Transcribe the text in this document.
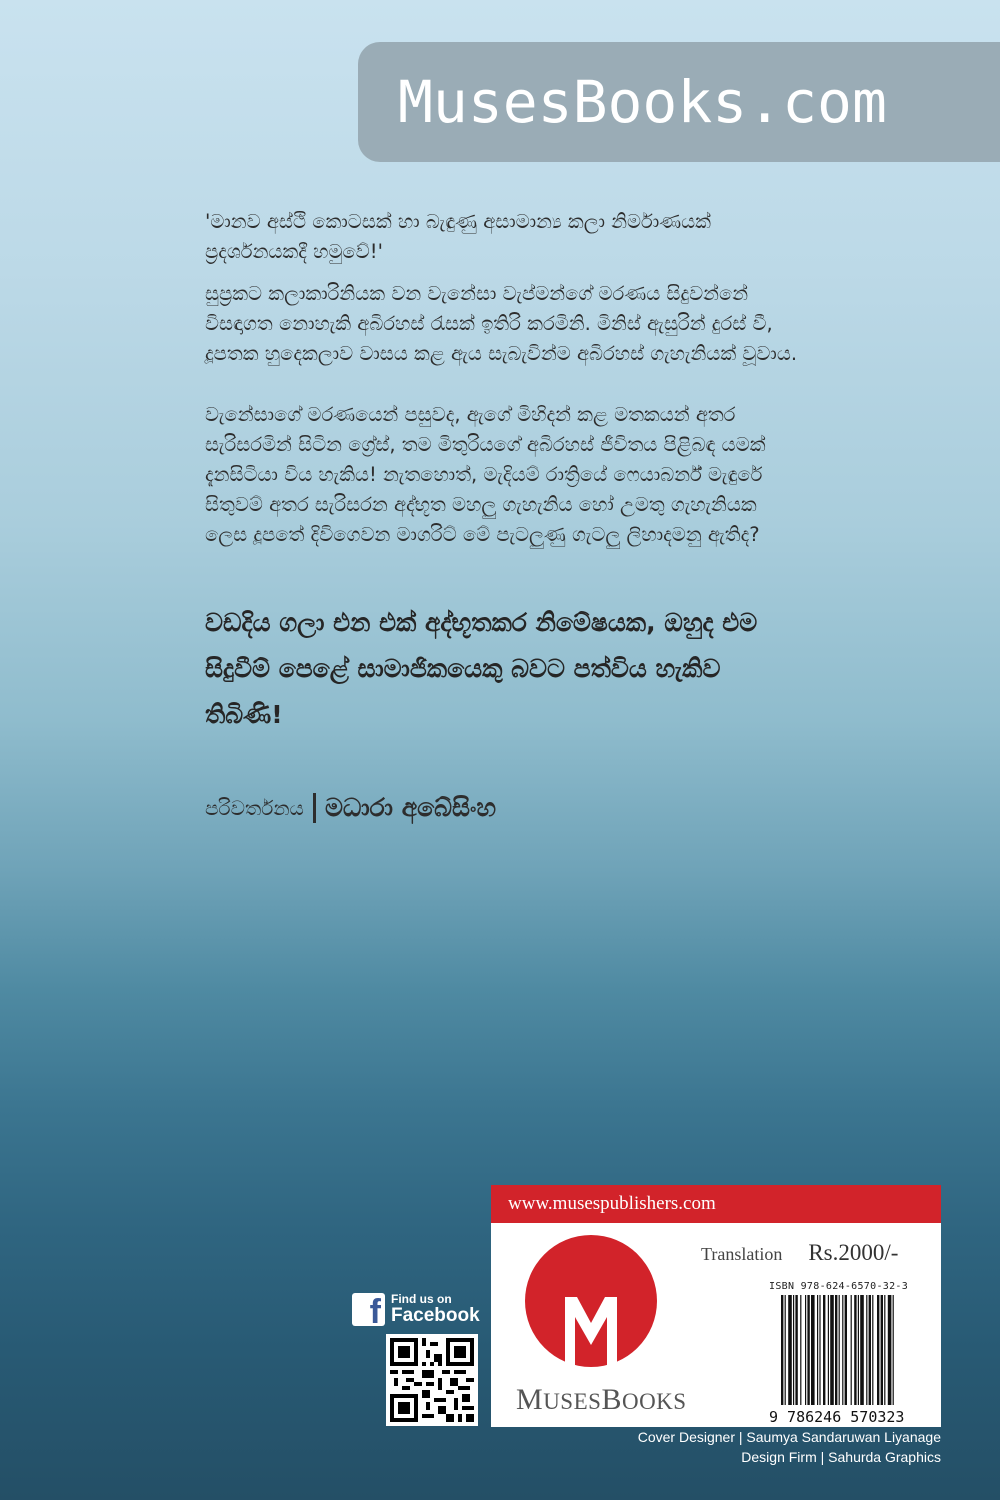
MusesBooks.com

'මානව අස්ථි කොටසක් හා බැඳුණු අසාමාන්‍ය කලා නිර්මාණයක් ප්‍රදර්ශනයකදී හමුවේ!'

සුප්‍රකට කලාකාරිනියක වන වැනේසා වැප්මන්ගේ මරණය සිදුවන්නේ විසඳාගත නොහැකි අබිරහස් රැසක් ඉතිරි කරමිනි. මිනිස් ඇසුරින් දුරස් වී, දූපතක හුදෙකලාව වාසය කළ ඇය සැබැවින්ම අබිරහස් ගැහැනියක් වූවාය.

වැනේසාගේ මරණයෙන් පසුවද, ඇගේ මිහිදන් කළ මතකයන් අතර සැරිසරමින් සිටින ග්‍රේස්, තම මිතුරියගේ අබිරහස් ජීවිතය පිළිබඳ යමක් දැනසිටියා විය හැකිය! නැතහොත්, මැදියම් රාත්‍රියේ ෆෙයාබර්න් මැඳුරේ සිතුවම් අතර සැරිසරන අද්භූත මහලු ගැහැනිය හෝ උමතු ගැහැනියක ලෙස දූපතේ දිවිගෙවන මාගරිට් මේ පැටලුණු ගැටලු ලිහාදමනු ඇතිද?

වඩදිය ගලා එන එක් අද්භූතකර නිමේෂයක, ඔහුද එම සිදුවීම් පෙළේ සාමාජිකයෙකු බවට පත්විය හැකිව තිබිණි!
පරිවර්තනය මධාරා අබේසිංහ
f Find us on
Facebook
www.musespublishers.com
Translation Rs.2000/-
MUSESBOOKS
ISBN 978-624-6570-32-3
9 786246 570323
Cover Designer | Saumya Sandaruwan Liyanage
Design Firm | Sahurda Graphics
